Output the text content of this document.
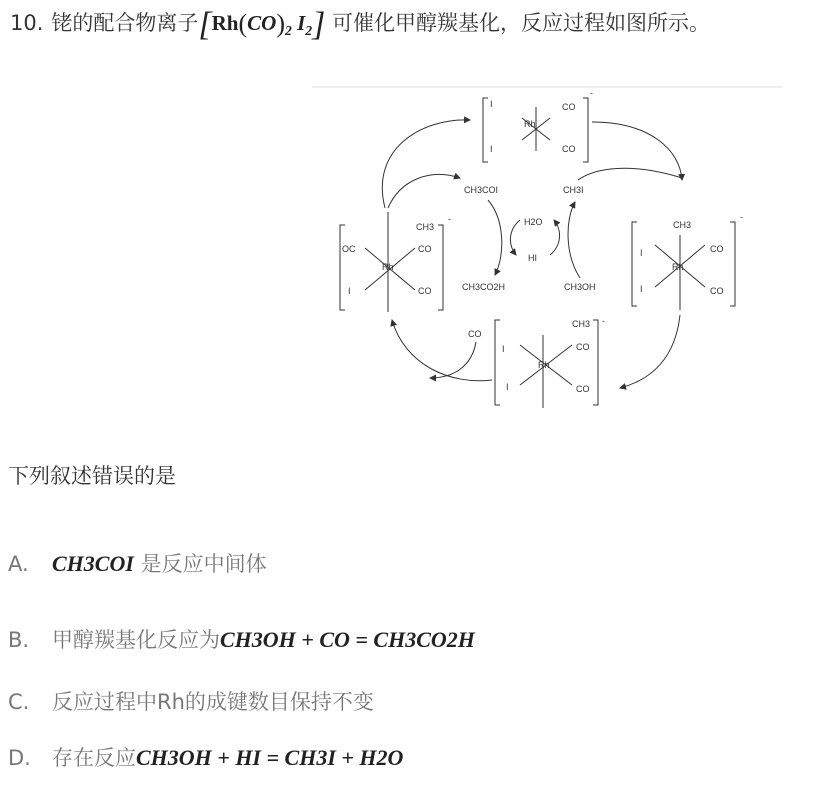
10. 铑的配合物离子[$Rh(CO)_2$ $I_2$] 可催化甲醇羰基化，反应过程如图所示。
I
I
Rh
CO
CO
-
OC
CH3
CO
Rh
I	CO
-
CH3
I	CO
Rh
I	CO
-
CH3
CO
I
Rh
I	CO
-
CH3COI	CH3I
H2O
HI
CH3CO2H	CH3OH
CO
下列叙述错误的是
A. CH3COI 是反应中间体
B. 甲醇羰基化反应为CH3OH + CO = CH3CO2H
C. 反应过程中Rh的成键数目保持不变
D. 存在反应CH3OH + HI = CH3I + H2O
